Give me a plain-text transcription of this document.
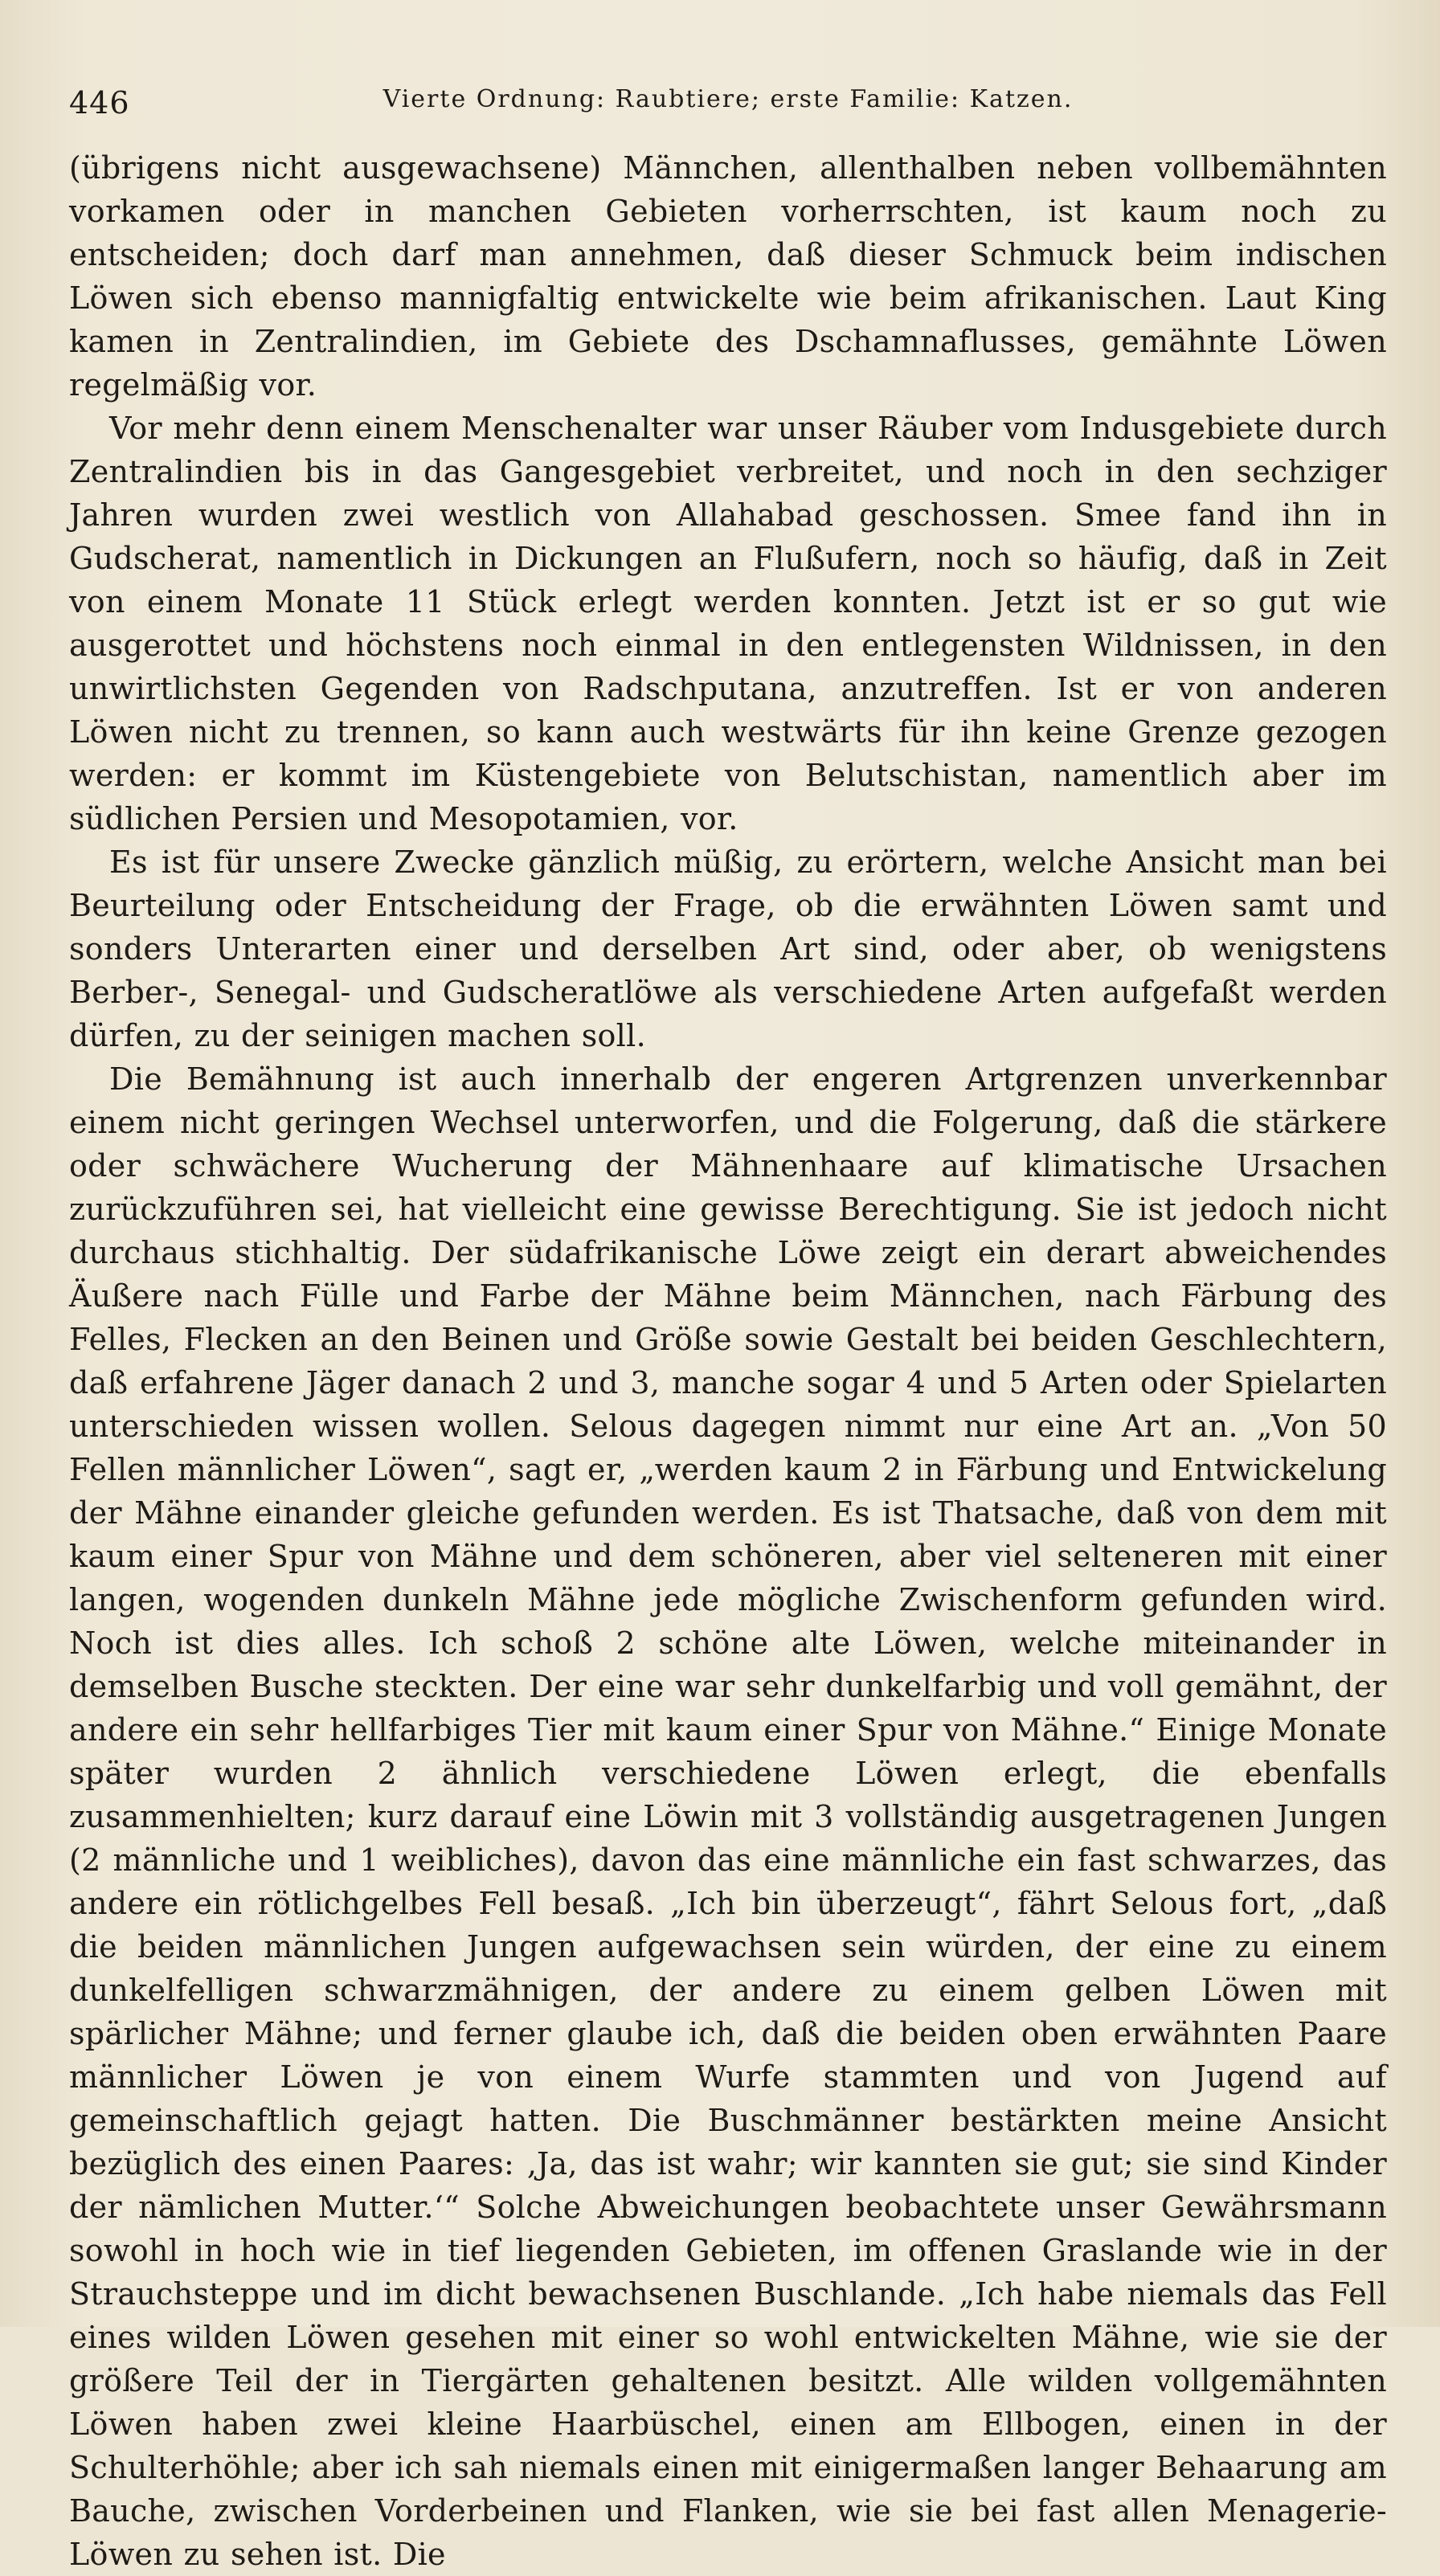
446	Vierte Ordnung: Raubtiere; erste Familie: Katzen.

(übrigens nicht ausgewachsene) Männchen, allenthalben neben vollbemähnten vorkamen oder in manchen Gebieten vorherrschten, ist kaum noch zu entscheiden; doch darf man annehmen, daß dieser Schmuck beim indischen Löwen sich ebenso mannigfaltig entwickelte wie beim afrikanischen. Laut King kamen in Zentralindien, im Gebiete des Dschamnaflusses, gemähnte Löwen regelmäßig vor.

Vor mehr denn einem Menschenalter war unser Räuber vom Indusgebiete durch Zentralindien bis in das Gangesgebiet verbreitet, und noch in den sechziger Jahren wurden zwei westlich von Allahabad geschossen. Smee fand ihn in Gudscherat, namentlich in Dickungen an Flußufern, noch so häufig, daß in Zeit von einem Monate 11 Stück erlegt werden konnten. Jetzt ist er so gut wie ausgerottet und höchstens noch einmal in den entlegensten Wildnissen, in den unwirtlichsten Gegenden von Radschputana, anzutreffen. Ist er von anderen Löwen nicht zu trennen, so kann auch westwärts für ihn keine Grenze gezogen werden: er kommt im Küstengebiete von Belutschistan, namentlich aber im südlichen Persien und Mesopotamien, vor.

Es ist für unsere Zwecke gänzlich müßig, zu erörtern, welche Ansicht man bei Beurteilung oder Entscheidung der Frage, ob die erwähnten Löwen samt und sonders Unterarten einer und derselben Art sind, oder aber, ob wenigstens Berber-, Senegal- und Gudscheratlöwe als verschiedene Arten aufgefaßt werden dürfen, zu der seinigen machen soll.

Die Bemähnung ist auch innerhalb der engeren Artgrenzen unverkennbar einem nicht geringen Wechsel unterworfen, und die Folgerung, daß die stärkere oder schwächere Wucherung der Mähnenhaare auf klimatische Ursachen zurückzuführen sei, hat vielleicht eine gewisse Berechtigung. Sie ist jedoch nicht durchaus stichhaltig. Der südafrikanische Löwe zeigt ein derart abweichendes Äußere nach Fülle und Farbe der Mähne beim Männchen, nach Färbung des Felles, Flecken an den Beinen und Größe sowie Gestalt bei beiden Geschlechtern, daß erfahrene Jäger danach 2 und 3, manche sogar 4 und 5 Arten oder Spielarten unterschieden wissen wollen. Selous dagegen nimmt nur eine Art an. „Von 50 Fellen männlicher Löwen“, sagt er, „werden kaum 2 in Färbung und Entwickelung der Mähne einander gleiche gefunden werden. Es ist Thatsache, daß von dem mit kaum einer Spur von Mähne und dem schöneren, aber viel selteneren mit einer langen, wogenden dunkeln Mähne jede mögliche Zwischenform gefunden wird. Noch ist dies alles. Ich schoß 2 schöne alte Löwen, welche miteinander in demselben Busche steckten. Der eine war sehr dunkelfarbig und voll gemähnt, der andere ein sehr hellfarbiges Tier mit kaum einer Spur von Mähne.“ Einige Monate später wurden 2 ähnlich verschiedene Löwen erlegt, die ebenfalls zusammenhielten; kurz darauf eine Löwin mit 3 vollständig ausgetragenen Jungen (2 männliche und 1 weibliches), davon das eine männliche ein fast schwarzes, das andere ein rötlichgelbes Fell besaß. „Ich bin überzeugt“, fährt Selous fort, „daß die beiden männlichen Jungen aufgewachsen sein würden, der eine zu einem dunkelfelligen schwarzmähnigen, der andere zu einem gelben Löwen mit spärlicher Mähne; und ferner glaube ich, daß die beiden oben erwähnten Paare männlicher Löwen je von einem Wurfe stammten und von Jugend auf gemeinschaftlich gejagt hatten. Die Buschmänner bestärkten meine Ansicht bezüglich des einen Paares: ‚Ja, das ist wahr; wir kannten sie gut; sie sind Kinder der nämlichen Mutter.‘“ Solche Abweichungen beobachtete unser Gewährsmann sowohl in hoch wie in tief liegenden Gebieten, im offenen Graslande wie in der Strauchsteppe und im dicht bewachsenen Buschlande. „Ich habe niemals das Fell eines wilden Löwen gesehen mit einer so wohl entwickelten Mähne, wie sie der größere Teil der in Tiergärten gehaltenen besitzt. Alle wilden vollgemähnten Löwen haben zwei kleine Haarbüschel, einen am Ellbogen, einen in der Schulterhöhle; aber ich sah niemals einen mit einigermaßen langer Behaarung am Bauche, zwischen Vorderbeinen und Flanken, wie sie bei fast allen Menagerie-Löwen zu sehen ist. Die
